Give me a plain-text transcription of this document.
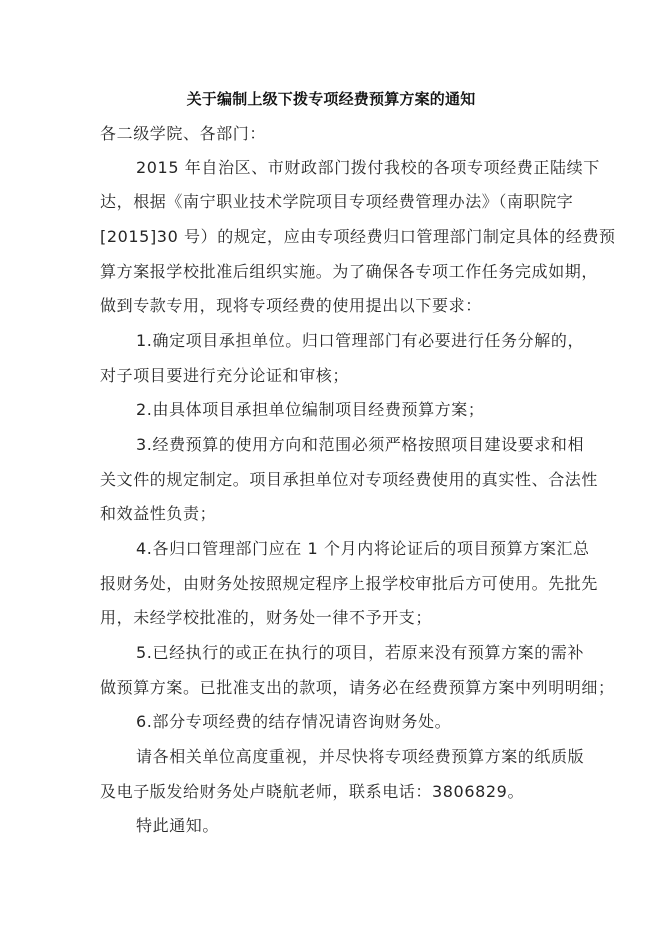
关于编制上级下拨专项经费预算方案的通知
各二级学院、各部门：
2015 年自治区、市财政部门拨付我校的各项专项经费正陆续下
达，根据《南宁职业技术学院项目专项经费管理办法》（南职院字
[2015]30 号）的规定，应由专项经费归口管理部门制定具体的经费预
算方案报学校批准后组织实施。为了确保各专项工作任务完成如期，
做到专款专用，现将专项经费的使用提出以下要求：
1.确定项目承担单位。归口管理部门有必要进行任务分解的，
对子项目要进行充分论证和审核；
2.由具体项目承担单位编制项目经费预算方案；
3.经费预算的使用方向和范围必须严格按照项目建设要求和相
关文件的规定制定。项目承担单位对专项经费使用的真实性、合法性
和效益性负责；
4.各归口管理部门应在 1 个月内将论证后的项目预算方案汇总
报财务处，由财务处按照规定程序上报学校审批后方可使用。先批先
用，未经学校批准的，财务处一律不予开支；
5.已经执行的或正在执行的项目，若原来没有预算方案的需补
做预算方案。已批准支出的款项，请务必在经费预算方案中列明明细；
6.部分专项经费的结存情况请咨询财务处。
请各相关单位高度重视，并尽快将专项经费预算方案的纸质版
及电子版发给财务处卢晓航老师，联系电话：3806829。
特此通知。
